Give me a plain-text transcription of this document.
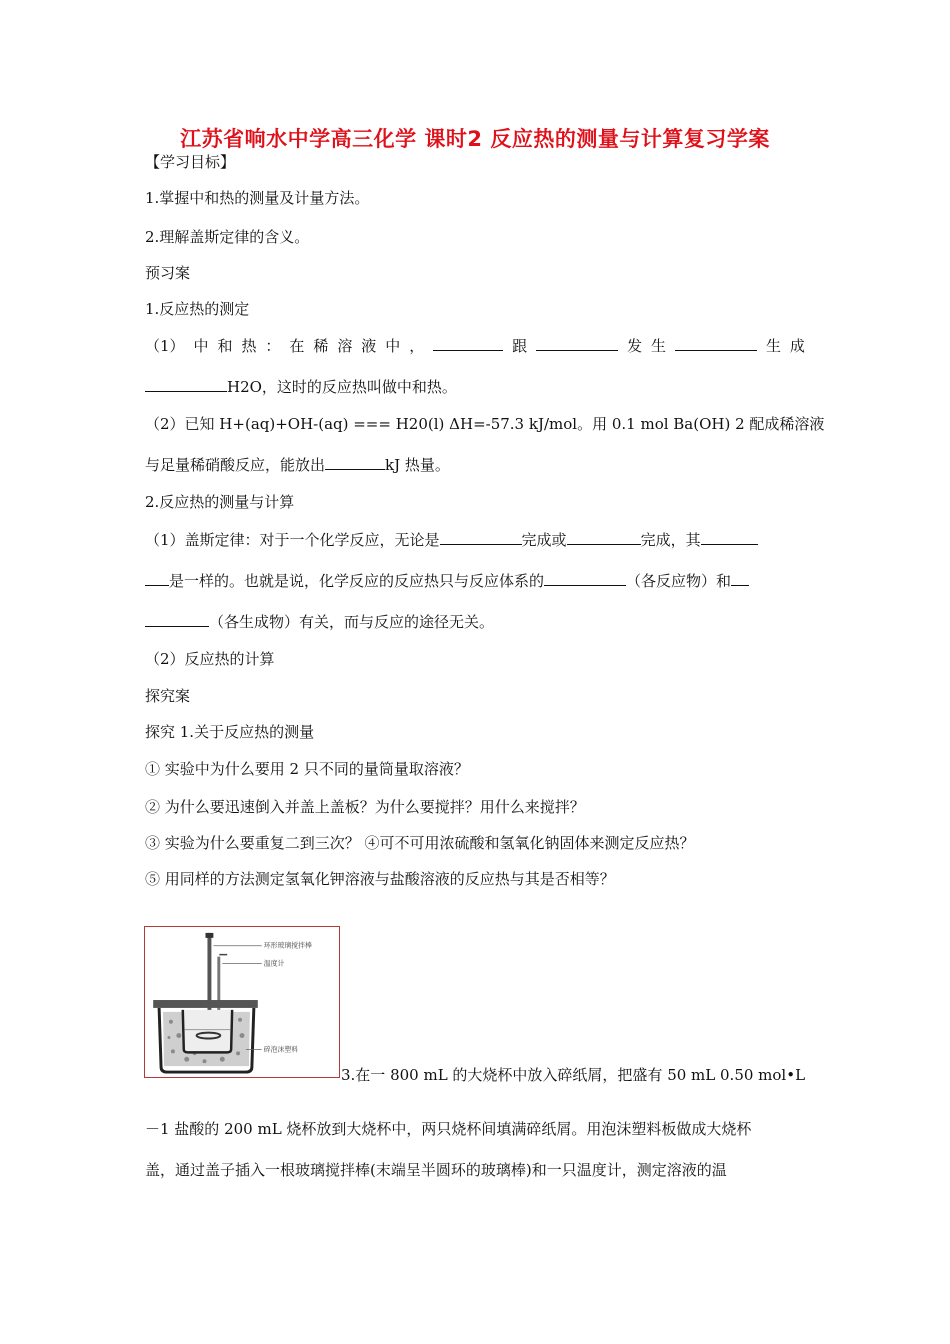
江苏省响水中学高三化学 课时2 反应热的测量与计算复习学案
【学习目标】
1.掌握中和热的测量及计量方法。
2.理解盖斯定律的含义。
预习案
1.反应热的测定
（1） 中 和 热 ： 在 稀 溶 液 中 ，	跟	发 生	生 成
H2O，这时的反应热叫做中和热。
（2）已知 H+(aq)+OH-(aq) === H20(l) ΔH=-57.3 kJ/mol。用 0.1 mol Ba(OH) 2 配成稀溶液
与足量稀硝酸反应，能放出	kJ 热量。
2.反应热的测量与计算
（1）盖斯定律：对于一个化学反应，无论是	完成或	完成，其
是一样的。也就是说，化学反应的反应热只与反应体系的	（各反应物）和
（各生成物）有关，而与反应的途径无关。
（2）反应热的计算
探究案
探究 1.关于反应热的测量
① 实验中为什么要用 2 只不同的量筒量取溶液？
② 为什么要迅速倒入并盖上盖板？为什么要搅拌？用什么来搅拌？
③ 实验为什么要重复二到三次？ ④可不可用浓硫酸和氢氧化钠固体来测定反应热？
⑤ 用同样的方法测定氢氧化钾溶液与盐酸溶液的反应热与其是否相等？
环形玻璃搅拌棒
温度计
碎泡沫塑料
3.在一 800 mL 的大烧杯中放入碎纸屑，把盛有 50 mL 0.50 mol•L
－1 盐酸的 200 mL 烧杯放到大烧杯中，两只烧杯间填满碎纸屑。用泡沫塑料板做成大烧杯
盖，通过盖子插入一根玻璃搅拌棒(末端呈半圆环的玻璃棒)和一只温度计，测定溶液的温
